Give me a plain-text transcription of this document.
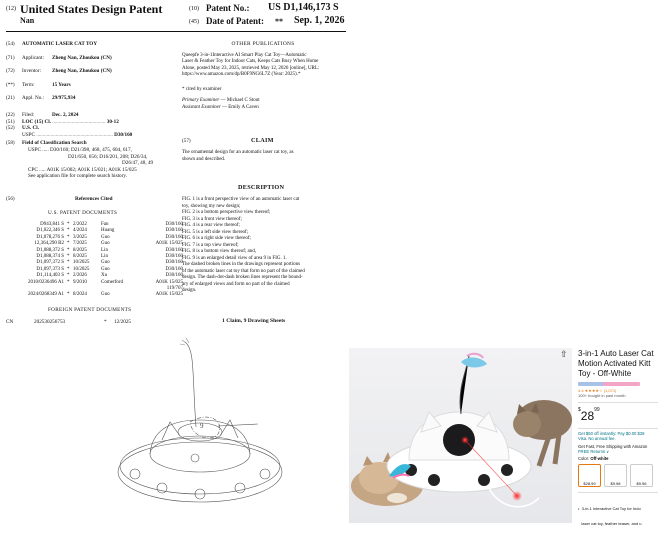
(12) United States Design Patent
Nan
(10) Patent No.: US D1,146,173 S
(45) Date of Patent: ** Sep. 1, 2026
(54) AUTOMATIC LASER CAT TOY
(71) Applicant: Zheng Nan, Zhoukou (CN)
(72) Inventor: Zheng Nan, Zhoukou (CN)
(**) Term:	15 Years
(21) Appl. No.: 29/975,934
(22) Filed:	Dec. 2, 2024
(51) LOC (15) Cl. ......................................... 30-12
(52) U.S. Cl.
USPC ........................................................... D30/160
(58) Field of Classification Search
USPC ..... D30/160; D21/398, 468, 475, 604, 617,
D21/650, 656; D16/201, 208; D26/34,
D26/47, 48, 49
CPC ..... A01K 15/002; A01K 15/021; A01K 15/025
See application file for complete search history.
(56)	References Cited
U.S. PATENT DOCUMENTS
D943,841 S	*	2/2022	Fan	D30/160
D1,022,346 S	*	4/2024	Huang	D30/160
D1,078,276 S	*	3/2025	Guo	D30/160
12,364,290 B2	*	7/2025	Guo	A01K 15/025
D1,088,372 S	*	8/2025	Lin	D30/160
D1,088,374 S	*	8/2025	Lin	D30/160
D1,097,372 S	*	10/2025	Guo	D30/160
D1,097,373 S	*	10/2025	Guo	D30/160
D1,114,403 S	*	2/2026	Xu	D30/160
2010/0236496 A1	*	9/2010	Comerford	A01K 15/025
				119/707
2024/0268349 A1	*	8/2024	Guo	A01K 15/025
FOREIGN PATENT DOCUMENTS
CN	202530256753	* 12/2025
OTHER PUBLICATIONS
Queepfe 3-in-1Interactive AI Smart Play Cat Toy—Automatic
Laser & Feather Toy for Indoor Cats, Keeps Cats Busy When Home
Alone, posted May 23, 2025, retrieved May 12, 2026 [online], URL:
https://www.amazon.com/dp/B0F9NG6L7Z (Year: 2025).*
* cited by examiner
Primary Examiner — Michael C Stout
Assistant Examiner — Emily A Caven
(57)	CLAIM
The ornamental design for an automatic laser cat toy, as
shown and described.
DESCRIPTION
FIG. 1 is a front perspective view of an automatic laser cat
toy, showing my new design;
FIG. 2 is a bottom perspective view thereof;
FIG. 3 is a front view thereof;
FIG. 4 is a rear view thereof;
FIG. 5 is a left side view thereof;
FIG. 6 is a right side view thereof;
FIG. 7 is a top view thereof;
FIG. 8 is a bottom view thereof; and,
FIG. 9 is an enlarged detail view of area 9 in FIG. 1.
The dashed broken lines in the drawings represent portions
of the automatic laser cat toy that form no part of the claimed
design. The dash-dot-dash broken lines represent the bound-
ary of enlarged views and form no part of the claimed
design.
1 Claim, 9 Drawing Sheets
9
⇧ 3-in-1 Auto Laser Cat
Motion Activated Kitt
Toy - Off-White
4.4 ★★★★☆ (1,071)
100+ bought in past month
$^{\$}28^{99}$
Get $50 off instantly: Pay $0.00 $28
Visa. No annual fee.
Get Fast, Free Shipping with Amazon
FREE Returns ∨
Color: Off-white
$28.99	$9.98	$9.96

•  3-in-1 Interactive Cat Toy for Indo

laser cat toy, feather teaser, and u
